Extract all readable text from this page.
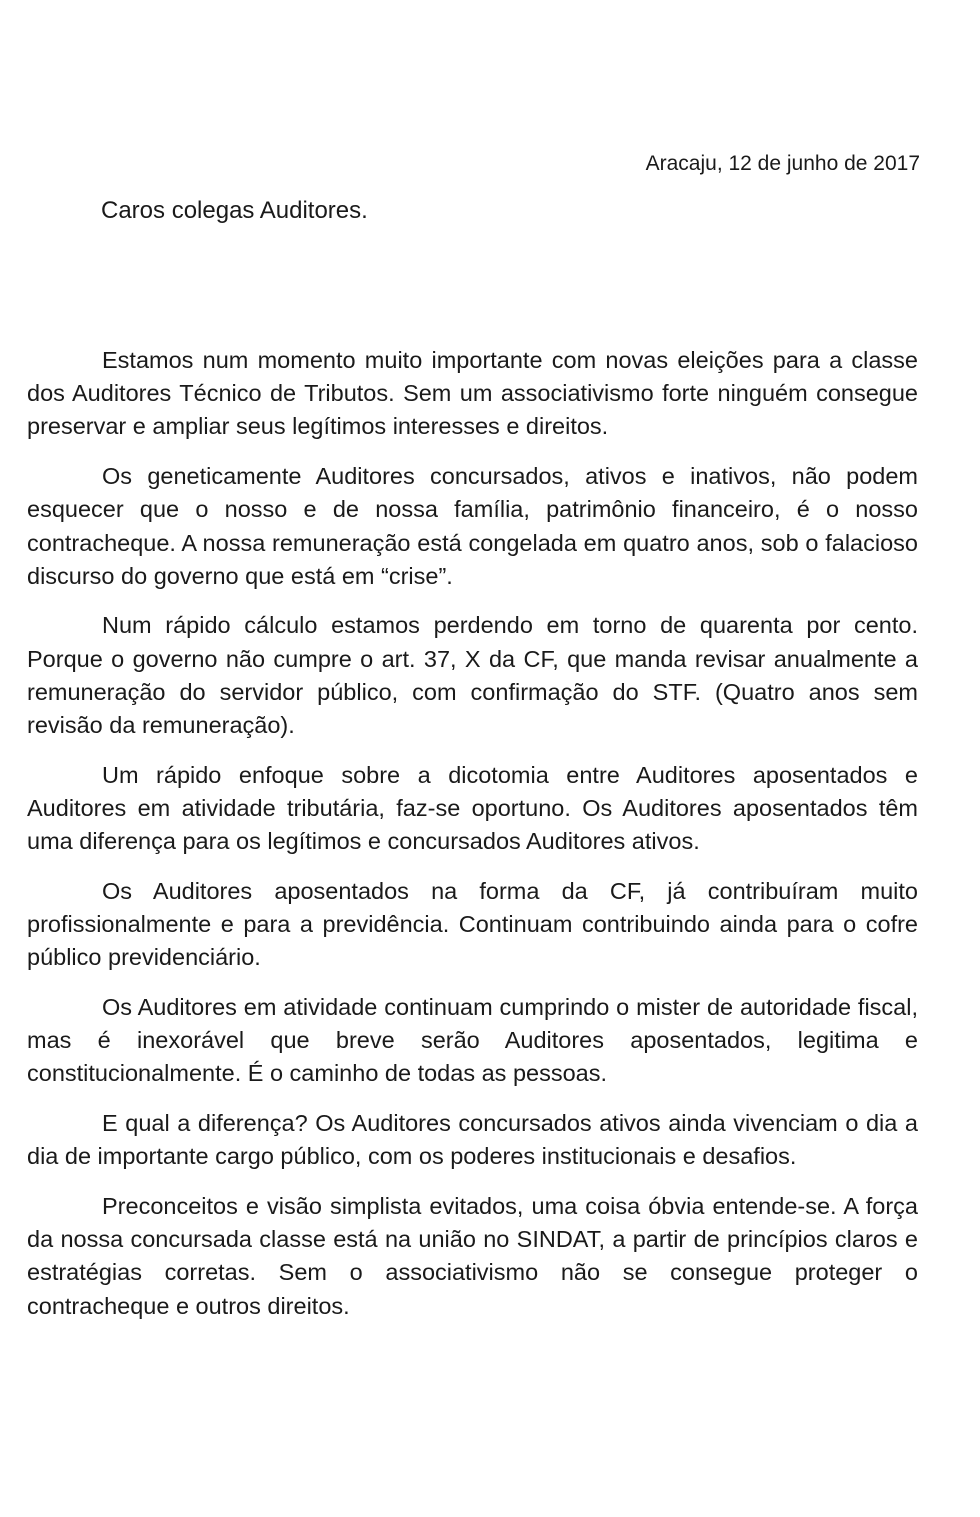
Aracaju, 12 de junho de 2017
Caros colegas Auditores.

Estamos num momento muito importante com novas eleições para a classe dos Auditores Técnico de Tributos. Sem um associativismo forte ninguém consegue preservar e ampliar seus legítimos interesses e direitos.

Os geneticamente Auditores concursados, ativos e inativos, não podem esquecer que o nosso e de nossa família, patrimônio financeiro, é o nosso contracheque. A nossa remuneração está congelada em quatro anos, sob o falacioso discurso do governo que está em “crise”.

Num rápido cálculo estamos perdendo em torno de quarenta por cento. Porque o governo não cumpre o art. 37, X da CF, que manda revisar anualmente a remuneração do servidor público, com confirmação do STF. (Quatro anos sem revisão da remuneração).

Um rápido enfoque sobre a dicotomia entre Auditores aposentados e Auditores em atividade tributária, faz-se oportuno. Os Auditores aposentados têm uma diferença para os legítimos e concursados Auditores ativos.

Os Auditores aposentados na forma da CF, já contribuíram muito profissionalmente e para a previdência. Continuam contribuindo ainda para o cofre público previdenciário.

Os Auditores em atividade continuam cumprindo o mister de autoridade fiscal, mas é inexorável que breve serão Auditores aposentados, legitima e constitucionalmente. É o caminho de todas as pessoas.

E qual a diferença? Os Auditores concursados ativos ainda vivenciam o dia a dia de importante cargo público, com os poderes institucionais e desafios.

Preconceitos e visão simplista evitados, uma coisa óbvia entende-se. A força da nossa concursada classe está na união no SINDAT, a partir de princípios claros e estratégias corretas. Sem o associativismo não se consegue proteger o contracheque e outros direitos.
